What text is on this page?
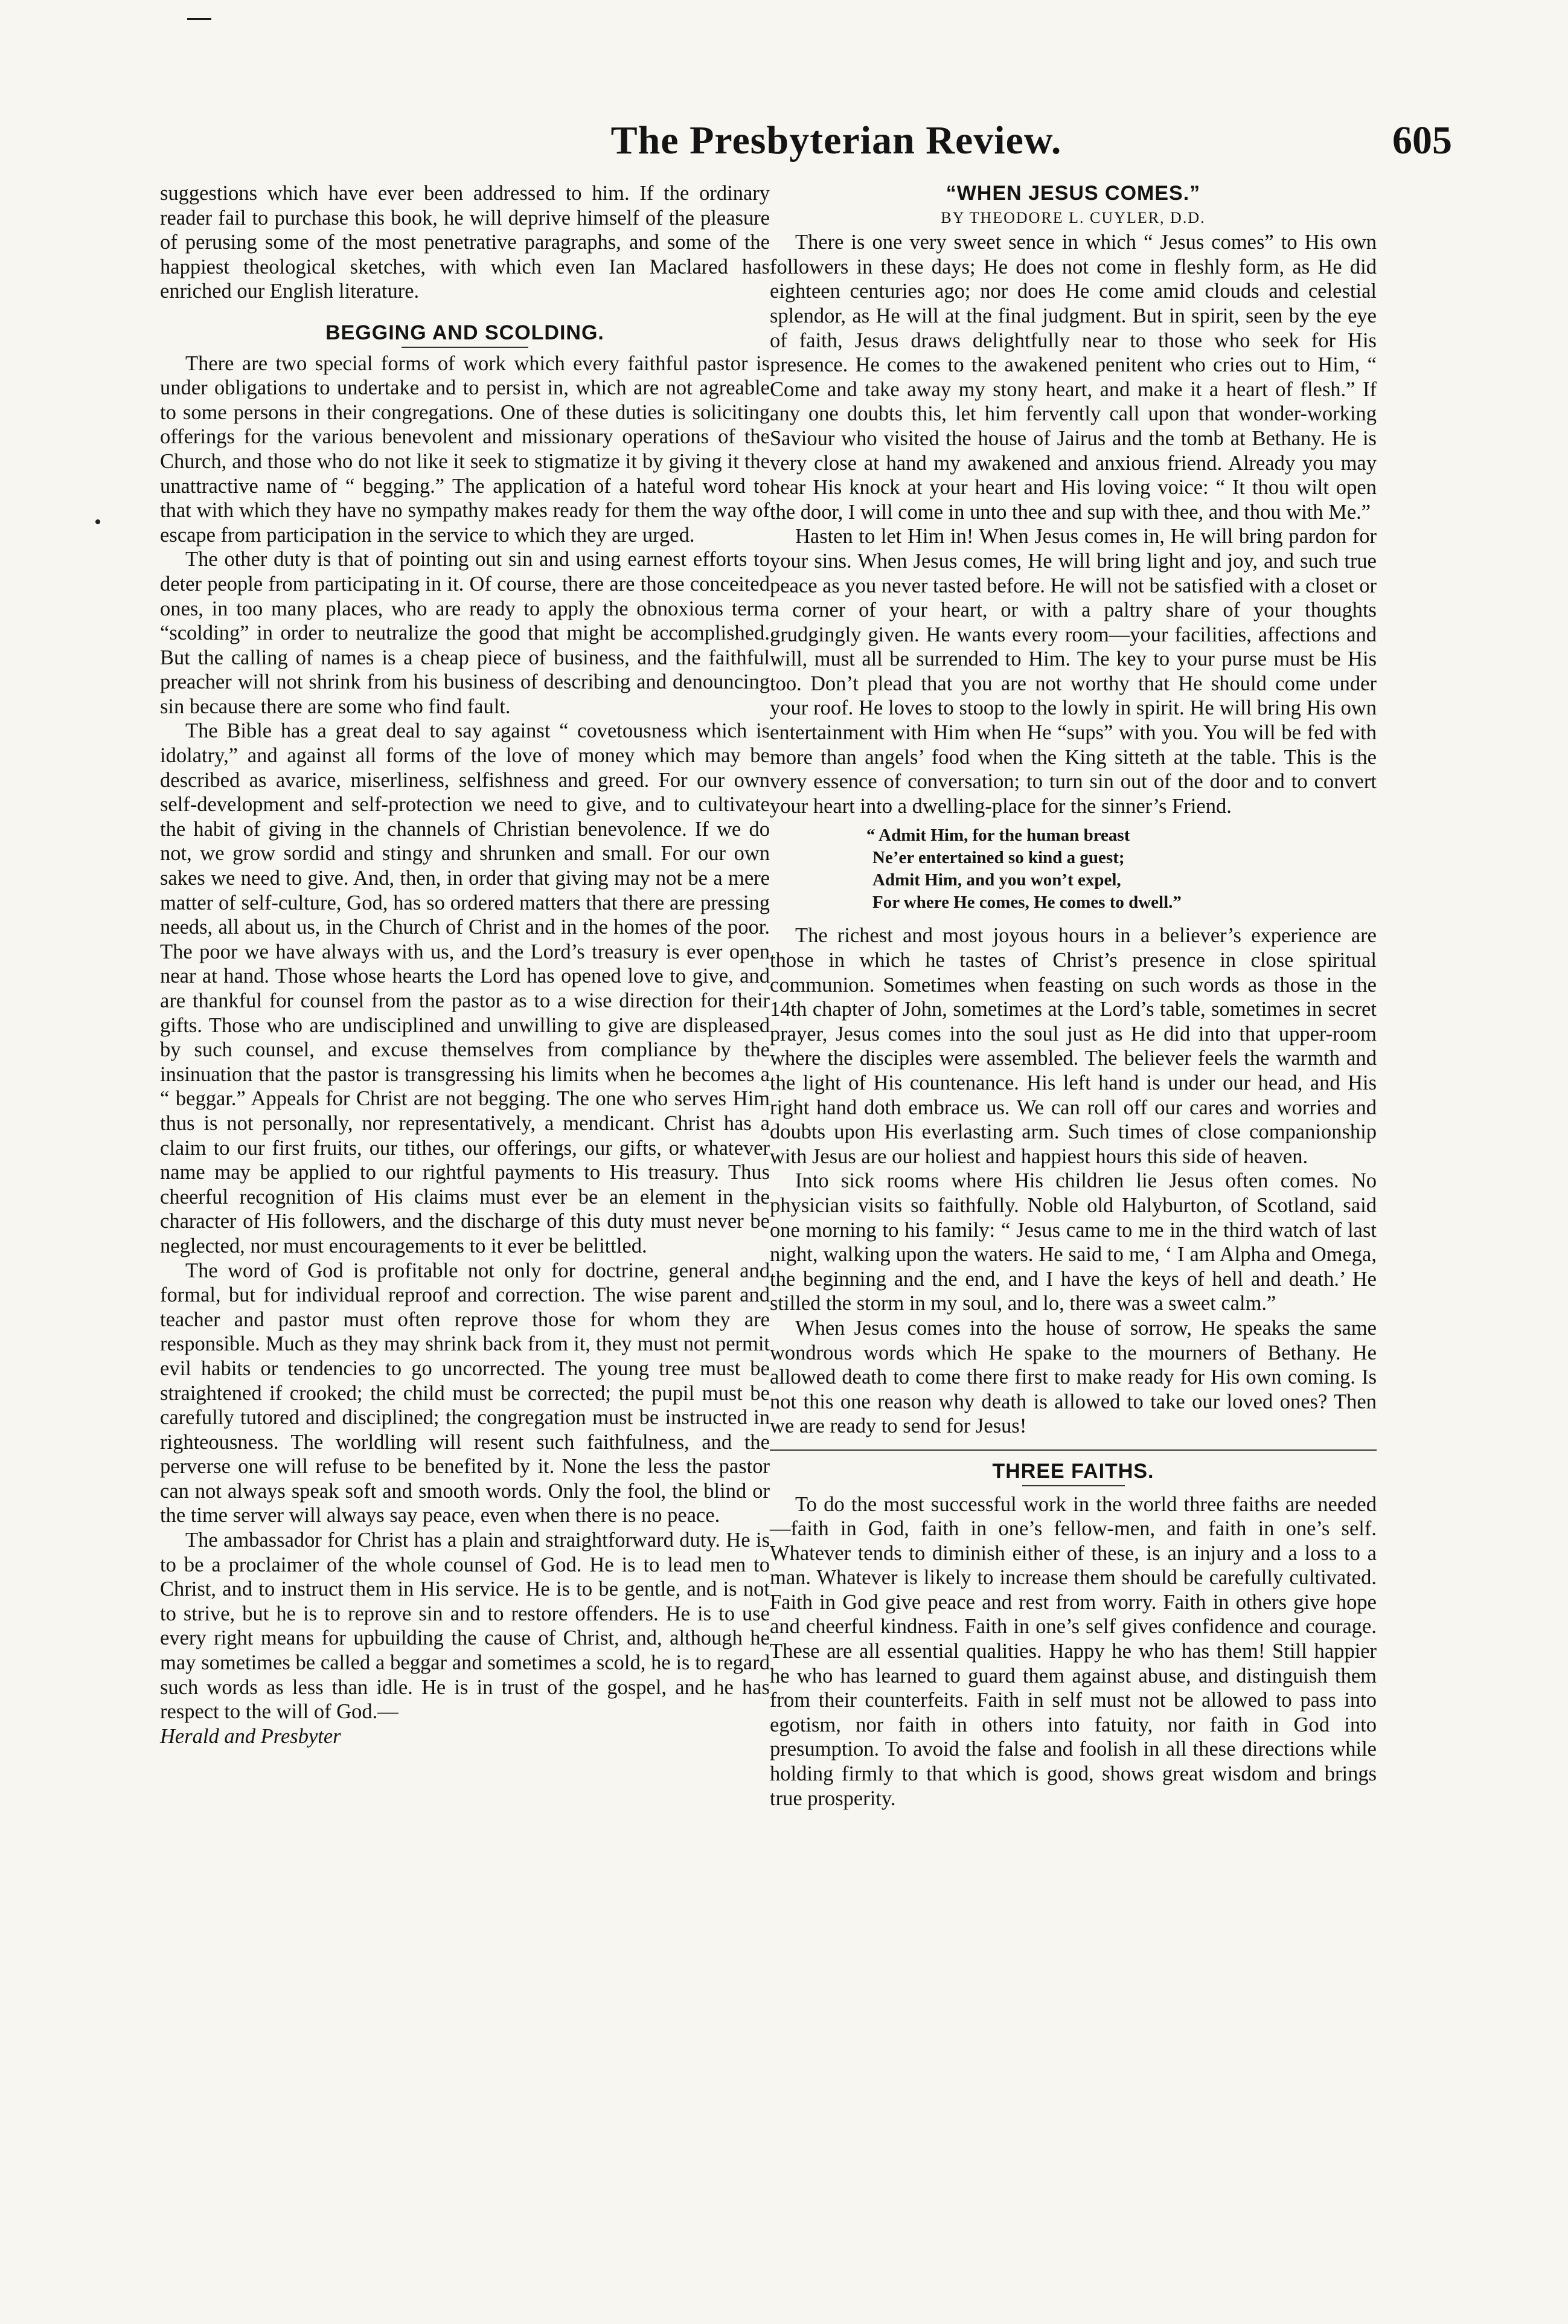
The Presbyterian Review.	605

suggestions which have ever been addressed to him. If the ordinary reader fail to purchase this book, he will deprive himself of the pleasure of perusing some of the most penetrative paragraphs, and some of the happiest theological sketches, with which even Ian Maclared has enriched our English literature.

BEGGING AND SCOLDING.

There are two special forms of work which every faithful pastor is under obligations to undertake and to persist in, which are not agreable to some persons in their congregations. One of these duties is soliciting offerings for the various benevolent and missionary operations of the Church, and those who do not like it seek to stigmatize it by giving it the unattractive name of “ begging.” The application of a hateful word to that with which they have no sympathy makes ready for them the way of escape from participation in the service to which they are urged.

The other duty is that of pointing out sin and using earnest efforts to deter people from participating in it. Of course, there are those conceited ones, in too many places, who are ready to apply the obnoxious term “scolding” in order to neutralize the good that might be accomplished. But the calling of names is a cheap piece of business, and the faithful preacher will not shrink from his business of describing and denouncing sin because there are some who find fault.

The Bible has a great deal to say against “ covetousness which is idolatry,” and against all forms of the love of money which may be described as avarice, miserliness, selfishness and greed. For our own self-development and self-protection we need to give, and to cultivate the habit of giving in the channels of Christian benevolence. If we do not, we grow sordid and stingy and shrunken and small. For our own sakes we need to give. And, then, in order that giving may not be a mere matter of self-culture, God, has so ordered matters that there are pressing needs, all about us, in the Church of Christ and in the homes of the poor. The poor we have always with us, and the Lord’s treasury is ever open near at hand. Those whose hearts the Lord has opened love to give, and are thankful for counsel from the pastor as to a wise direction for their gifts. Those who are undisciplined and unwilling to give are displeased by such counsel, and excuse themselves from compliance by the insinuation that the pastor is transgressing his limits when he becomes a “ beggar.” Appeals for Christ are not begging. The one who serves Him thus is not personally, nor representatively, a mendicant. Christ has a claim to our first fruits, our tithes, our offerings, our gifts, or whatever name may be applied to our rightful payments to His treasury. Thus cheerful recognition of His claims must ever be an element in the character of His followers, and the discharge of this duty must never be neglected, nor must encouragements to it ever be belittled.

The word of God is profitable not only for doctrine, general and formal, but for individual reproof and correction. The wise parent and teacher and pastor must often reprove those for whom they are responsible. Much as they may shrink back from it, they must not permit evil habits or tendencies to go uncorrected. The young tree must be straightened if crooked; the child must be corrected; the pupil must be carefully tutored and disciplined; the congregation must be instructed in righteousness. The worldling will resent such faithfulness, and the perverse one will refuse to be benefited by it. None the less the pastor can not always speak soft and smooth words. Only the fool, the blind or the time server will always say peace, even when there is no peace.

The ambassador for Christ has a plain and straightforward duty. He is to be a proclaimer of the whole counsel of God. He is to lead men to Christ, and to instruct them in His service. He is to be gentle, and is not to strive, but he is to reprove sin and to restore offenders. He is to use every right means for upbuilding the cause of Christ, and, although he may sometimes be called a beggar and sometimes a scold, he is to regard such words as less than idle. He is in trust of the gospel, and he has respect to the will of God.—

Herald and Presbyter

“WHEN JESUS COMES.”

BY THEODORE L. CUYLER, D.D.

There is one very sweet sence in which “ Jesus comes” to His own followers in these days; He does not come in fleshly form, as He did eighteen centuries ago; nor does He come amid clouds and celestial splendor, as He will at the final judgment. But in spirit, seen by the eye of faith, Jesus draws delightfully near to those who seek for His presence. He comes to the awakened penitent who cries out to Him, “ Come and take away my stony heart, and make it a heart of flesh.” If any one doubts this, let him fervently call upon that wonder-working Saviour who visited the house of Jairus and the tomb at Bethany. He is very close at hand my awakened and anxious friend. Already you may hear His knock at your heart and His loving voice: “ It thou wilt open the door, I will come in unto thee and sup with thee, and thou with Me.”

Hasten to let Him in! When Jesus comes in, He will bring pardon for your sins. When Jesus comes, He will bring light and joy, and such true peace as you never tasted before. He will not be satisfied with a closet or a corner of your heart, or with a paltry share of your thoughts grudgingly given. He wants every room—your facilities, affections and will, must all be surrended to Him. The key to your purse must be His too. Don’t plead that you are not worthy that He should come under your roof. He loves to stoop to the lowly in spirit. He will bring His own entertainment with Him when He “sups” with you. You will be fed with more than angels’ food when the King sitteth at the table. This is the very essence of conversation; to turn sin out of the door and to convert your heart into a dwelling-place for the sinner’s Friend.

“ Admit Him, for the human breast
Ne’er entertained so kind a guest;
Admit Him, and you won’t expel,
For where He comes, He comes to dwell.”

The richest and most joyous hours in a believer’s experience are those in which he tastes of Christ’s presence in close spiritual communion. Sometimes when feasting on such words as those in the 14th chapter of John, sometimes at the Lord’s table, sometimes in secret prayer, Jesus comes into the soul just as He did into that upper-room where the disciples were assembled. The believer feels the warmth and the light of His countenance. His left hand is under our head, and His right hand doth embrace us. We can roll off our cares and worries and doubts upon His everlasting arm. Such times of close companionship with Jesus are our holiest and happiest hours this side of heaven.

Into sick rooms where His children lie Jesus often comes. No physician visits so faithfully. Noble old Halyburton, of Scotland, said one morning to his family: “ Jesus came to me in the third watch of last night, walking upon the waters. He said to me, ‘ I am Alpha and Omega, the beginning and the end, and I have the keys of hell and death.’ He stilled the storm in my soul, and lo, there was a sweet calm.”

When Jesus comes into the house of sorrow, He speaks the same wondrous words which He spake to the mourners of Bethany. He allowed death to come there first to make ready for His own coming. Is not this one reason why death is allowed to take our loved ones? Then we are ready to send for Jesus!

THREE FAITHS.

To do the most successful work in the world three faiths are needed—faith in God, faith in one’s fellow-men, and faith in one’s self. Whatever tends to diminish either of these, is an injury and a loss to a man. Whatever is likely to increase them should be carefully cultivated. Faith in God give peace and rest from worry. Faith in others give hope and cheerful kindness. Faith in one’s self gives confidence and courage. These are all essential qualities. Happy he who has them! Still happier he who has learned to guard them against abuse, and distinguish them from their counterfeits. Faith in self must not be allowed to pass into egotism, nor faith in others into fatuity, nor faith in God into presumption. To avoid the false and foolish in all these directions while holding firmly to that which is good, shows great wisdom and brings true prosperity.
